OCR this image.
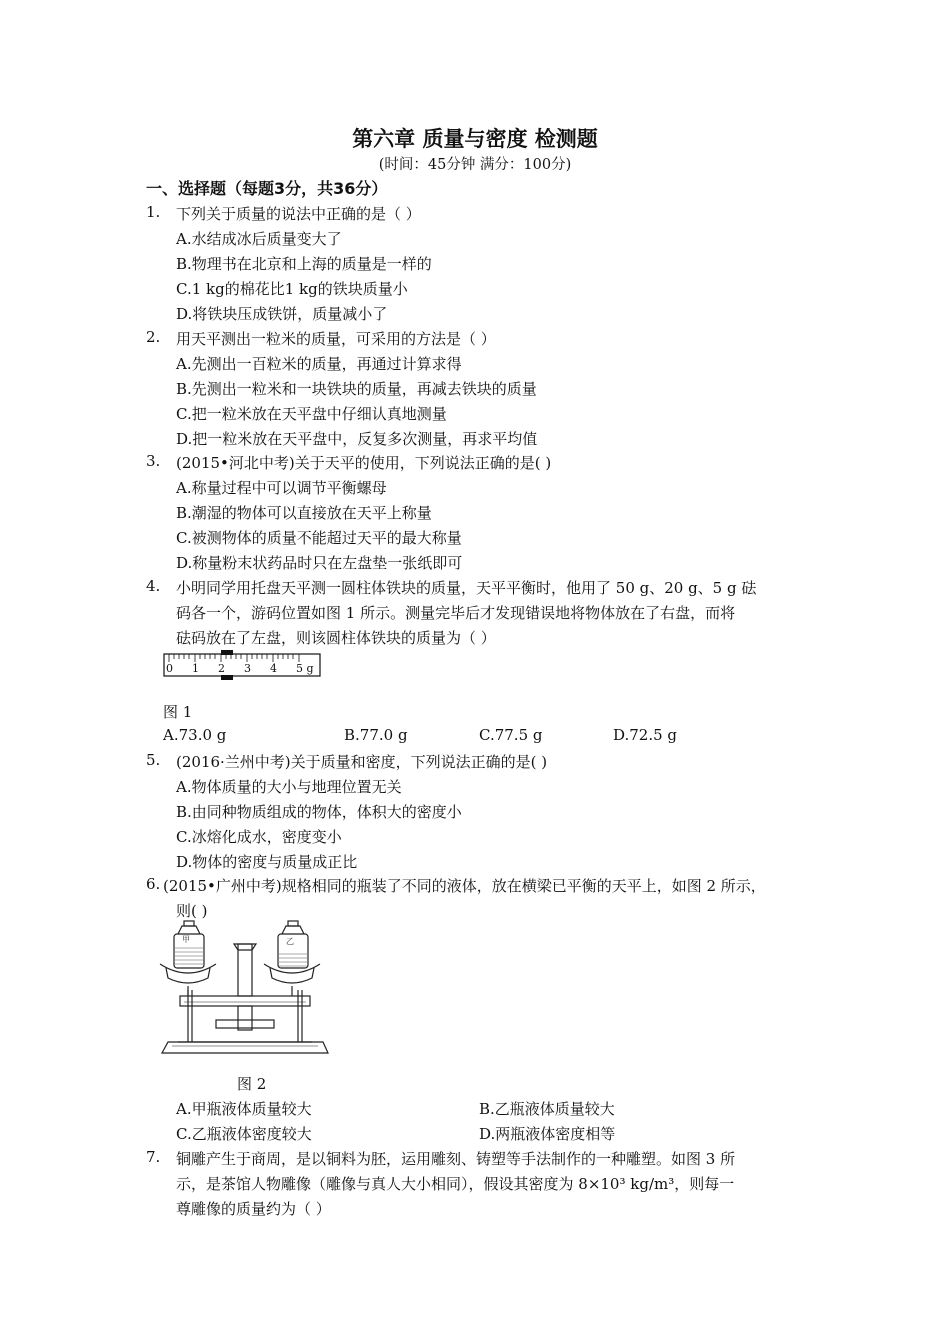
第六章 质量与密度 检测题
(时间：45分钟 满分：100分)
一、选择题（每题3分，共36分）
1. 下列关于质量的说法中正确的是（ ）
A.水结成冰后质量变大了
B.物理书在北京和上海的质量是一样的
C.1 kg的棉花比1 kg的铁块质量小
D.将铁块压成铁饼，质量减小了
2. 用天平测出一粒米的质量，可采用的方法是（ ）
A.先测出一百粒米的质量，再通过计算求得
B.先测出一粒米和一块铁块的质量，再减去铁块的质量
C.把一粒米放在天平盘中仔细认真地测量
D.把一粒米放在天平盘中，反复多次测量，再求平均值
3. (2015•河北中考)关于天平的使用，下列说法正确的是( )
A.称量过程中可以调节平衡螺母
B.潮湿的物体可以直接放在天平上称量
C.被测物体的质量不能超过天平的最大称量
D.称量粉末状药品时只在左盘垫一张纸即可
4. 小明同学用托盘天平测一圆柱体铁块的质量，天平平衡时，他用了 50 g、20 g、5 g 砝
码各一个，游码位置如图 1 所示。测量完毕后才发现错误地将物体放在了右盘，而将
砝码放在了左盘，则该圆柱体铁块的质量为（ ）
0 1 2 3 4 5 g
图 1
A.73.0 g	B.77.0 g	C.77.5 g	D.72.5 g
5. (2016·兰州中考)关于质量和密度，下列说法正确的是( )
A.物体质量的大小与地理位置无关
B.由同种物质组成的物体，体积大的密度小
C.冰熔化成水，密度变小
D.物体的密度与质量成正比
6. (2015•广州中考)规格相同的瓶装了不同的液体，放在横梁已平衡的天平上，如图 2 所示，
则( )
甲	乙
图 2
A.甲瓶液体质量较大	B.乙瓶液体质量较大
C.乙瓶液体密度较大	D.两瓶液体密度相等
7. 铜雕产生于商周，是以铜料为胚，运用雕刻、铸塑等手法制作的一种雕塑。如图 3 所
示，是茶馆人物雕像（雕像与真人大小相同），假设其密度为 8×10³ kg/m³，则每一
尊雕像的质量约为（ ）
